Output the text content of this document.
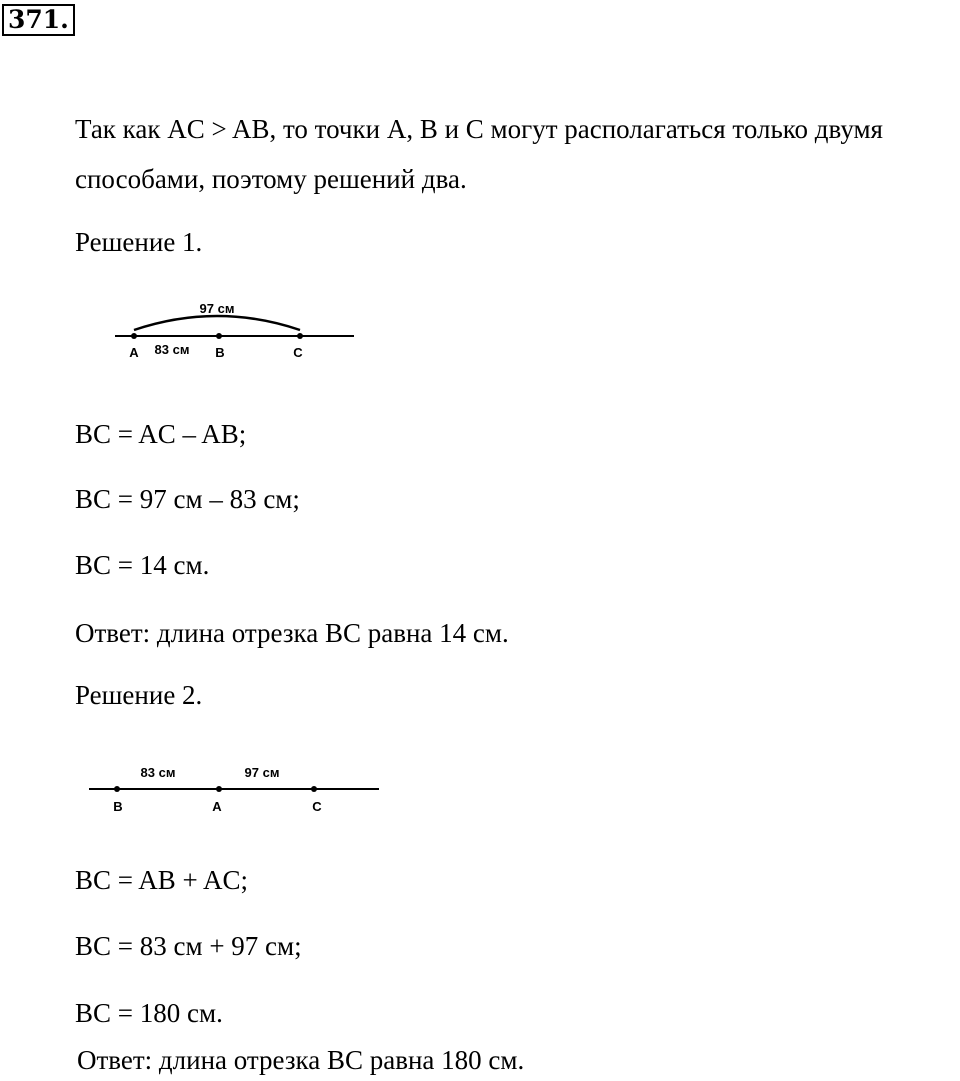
371.
Так как AC > AB, то точки A, B и C могут располагаться только двумя
способами, поэтому решений два.
Решение 1.
97 см
83 см
A	B	C
BC = AC – AB;
BC = 97 см – 83 см;
BC = 14 см.
Ответ: длина отрезка BC равна 14 см.
Решение 2.
83 см	97 см
B	A	C
BC = AB + AC;
BC = 83 см + 97 см;
BC = 180 см.
Ответ: длина отрезка BC равна 180 см.
